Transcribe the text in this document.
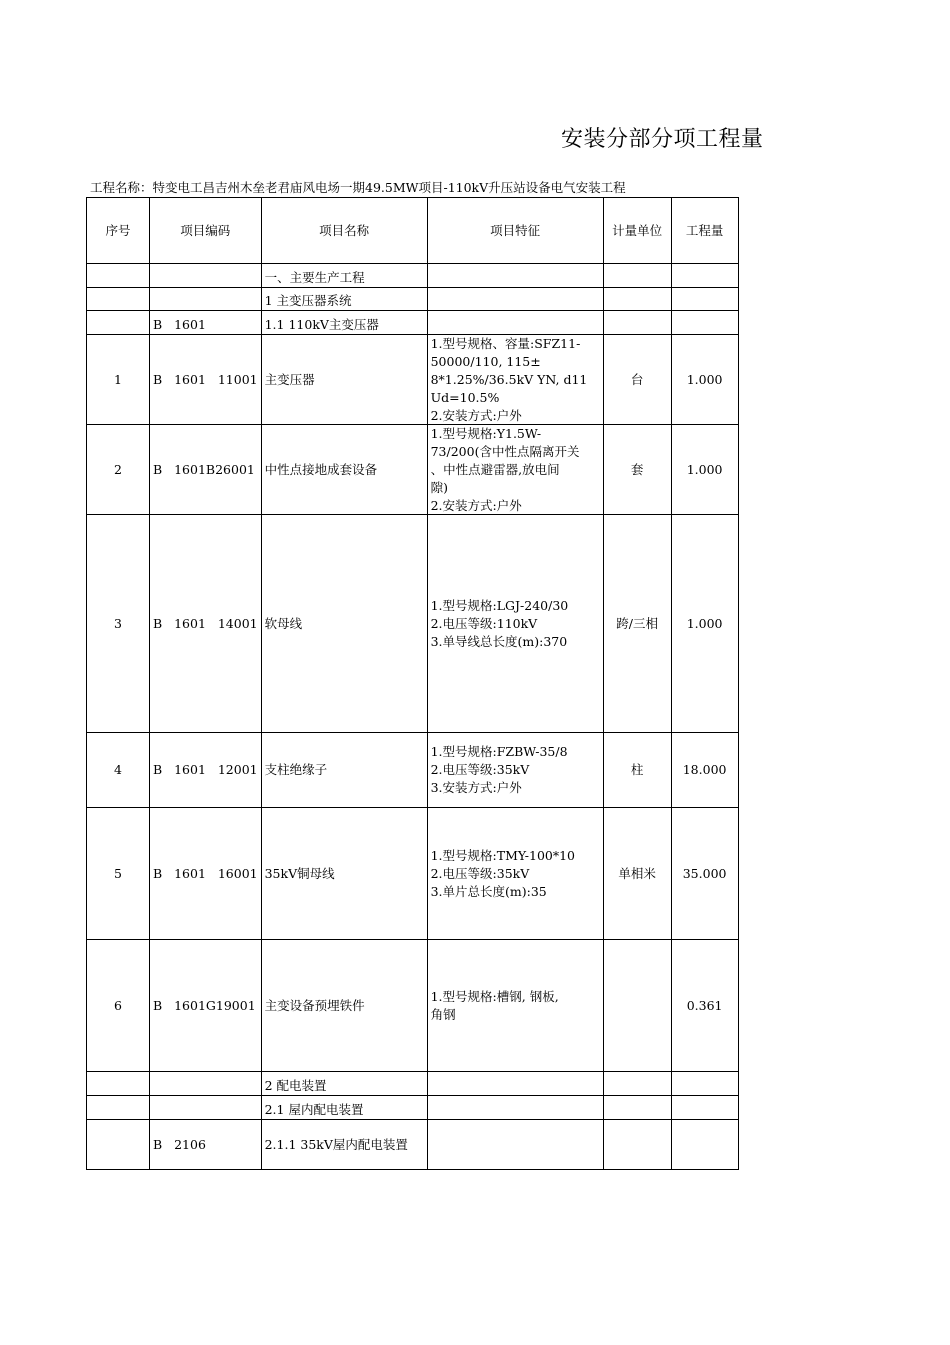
安装分部分项工程量
工程名称：特变电工昌吉州木垒老君庙风电场一期49.5MW项目-110kV升压站设备电气安装工程
序号	项目编码	项目名称	项目特征	计量单位	工程量
		一、主要生产工程			
		1 主变压器系统			
	B   1601	1.1 110kV主变压器			
1	B   1601   11001	主变压器	1.型号规格、容量:SFZ11-
50000/110, 115±
8*1.25%/36.5kV YN, d11
Ud=10.5%
2.安装方式:户外	台	1.000
2	B   1601B26001	中性点接地成套设备	1.型号规格:Y1.5W-
73/200(含中性点隔离开关
、中性点避雷器,放电间
隙)
2.安装方式:户外	套	1.000
3	B   1601   14001	软母线	1.型号规格:LGJ-240/30
2.电压等级:110kV
3.单导线总长度(m):370	跨/三相	1.000
4	B   1601   12001	支柱绝缘子	1.型号规格:FZBW-35/8
2.电压等级:35kV
3.安装方式:户外	柱	18.000
5	B   1601   16001	35kV铜母线	1.型号规格:TMY-100*10
2.电压等级:35kV
3.单片总长度(m):35	单相米	35.000
6	B   1601G19001	主变设备预埋铁件	1.型号规格:槽钢, 钢板,
角钢		0.361
		2 配电装置			
		2.1 屋内配电装置			
	B   2106	2.1.1 35kV屋内配电装置			
